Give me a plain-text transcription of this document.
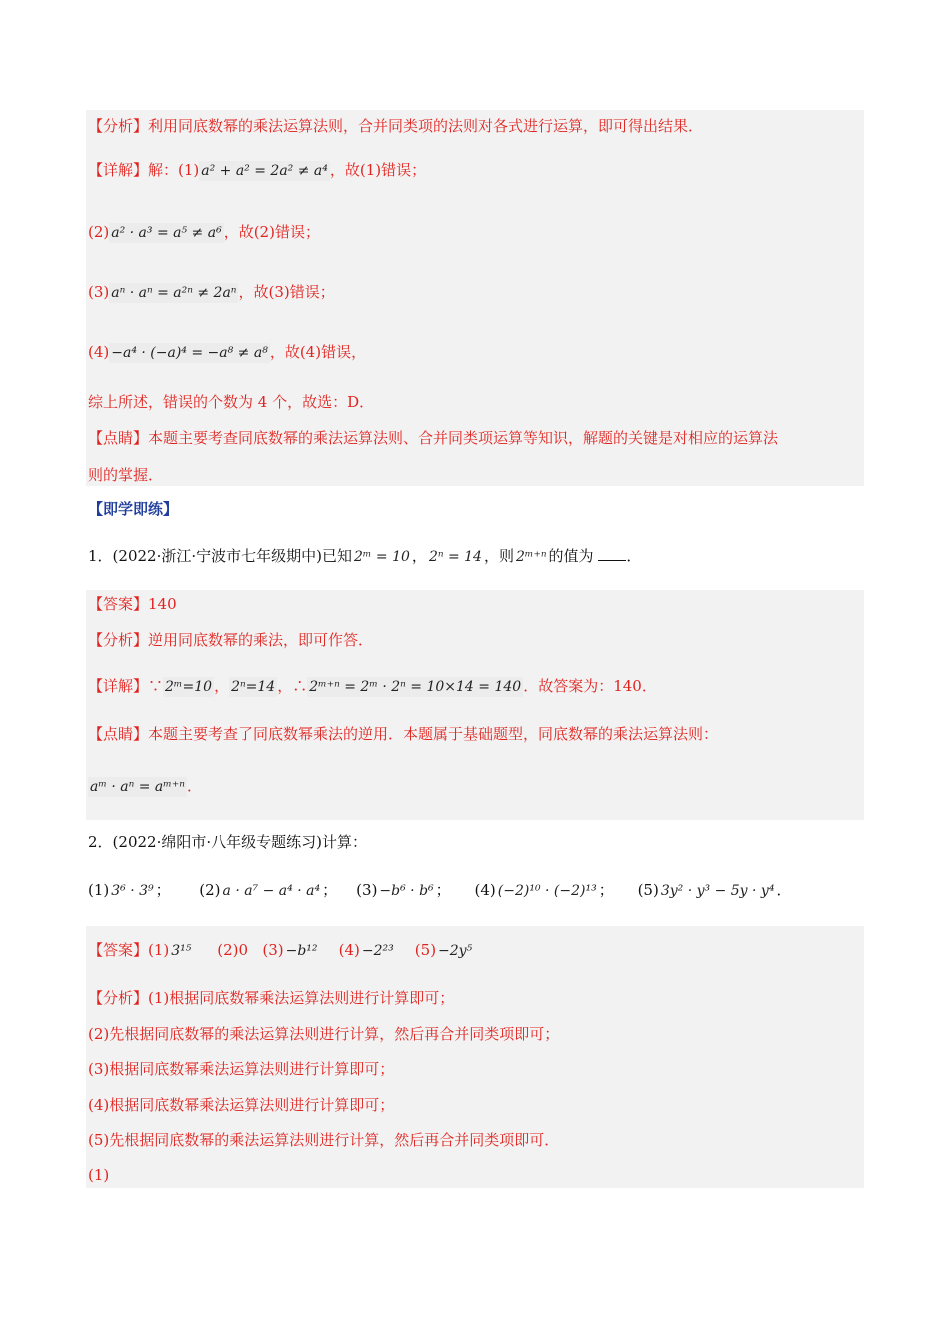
【分析】利用同底数幂的乘法运算法则，合并同类项的法则对各式进行运算，即可得出结果．
【详解】解：(1) a² + a² = 2a² ≠ a⁴ ，故(1)错误；
(2) a² · a³ = a⁵ ≠ a⁶ ，故(2)错误；
(3) aⁿ · aⁿ = a²ⁿ ≠ 2aⁿ ，故(3)错误；
(4) −a⁴ · (−a)⁴ = −a⁸ ≠ a⁸ ，故(4)错误，
综上所述，错误的个数为 4 个，故选：D．
【点睛】本题主要考查同底数幂的乘法运算法则、合并同类项运算等知识，解题的关键是对相应的运算法
则的掌握．
【即学即练】
1．(2022·浙江·宁波市七年级期中)已知 2ᵐ = 10 ， 2ⁿ = 14 ，则 2ᵐ⁺ⁿ 的值为 ．
【答案】140
【分析】逆用同底数幂的乘法，即可作答．
【详解】∵ 2ᵐ=10 ， 2ⁿ=14 ，∴ 2ᵐ⁺ⁿ = 2ᵐ · 2ⁿ = 10×14 = 140 ．故答案为：140．
【点睛】本题主要考查了同底数幂乘法的逆用．本题属于基础题型，同底数幂的乘法运算法则：
aᵐ · aⁿ = aᵐ⁺ⁿ ．
2．(2022·绵阳市·八年级专题练习)计算：
(1) 3⁶ · 3⁹ ； (2) a · a⁷ − a⁴ · a⁴ ； (3) −b⁶ · b⁶ ； (4) (−2)¹⁰ · (−2)¹³ ； (5) 3y² · y³ − 5y · y⁴ ．
【答案】(1) 3¹⁵ (2)0 (3) −b¹² (4) −2²³ (5) −2y⁵
【分析】(1)根据同底数幂乘法运算法则进行计算即可；
(2)先根据同底数幂的乘法运算法则进行计算，然后再合并同类项即可；
(3)根据同底数幂乘法运算法则进行计算即可；
(4)根据同底数幂乘法运算法则进行计算即可；
(5)先根据同底数幂的乘法运算法则进行计算，然后再合并同类项即可．
(1)
